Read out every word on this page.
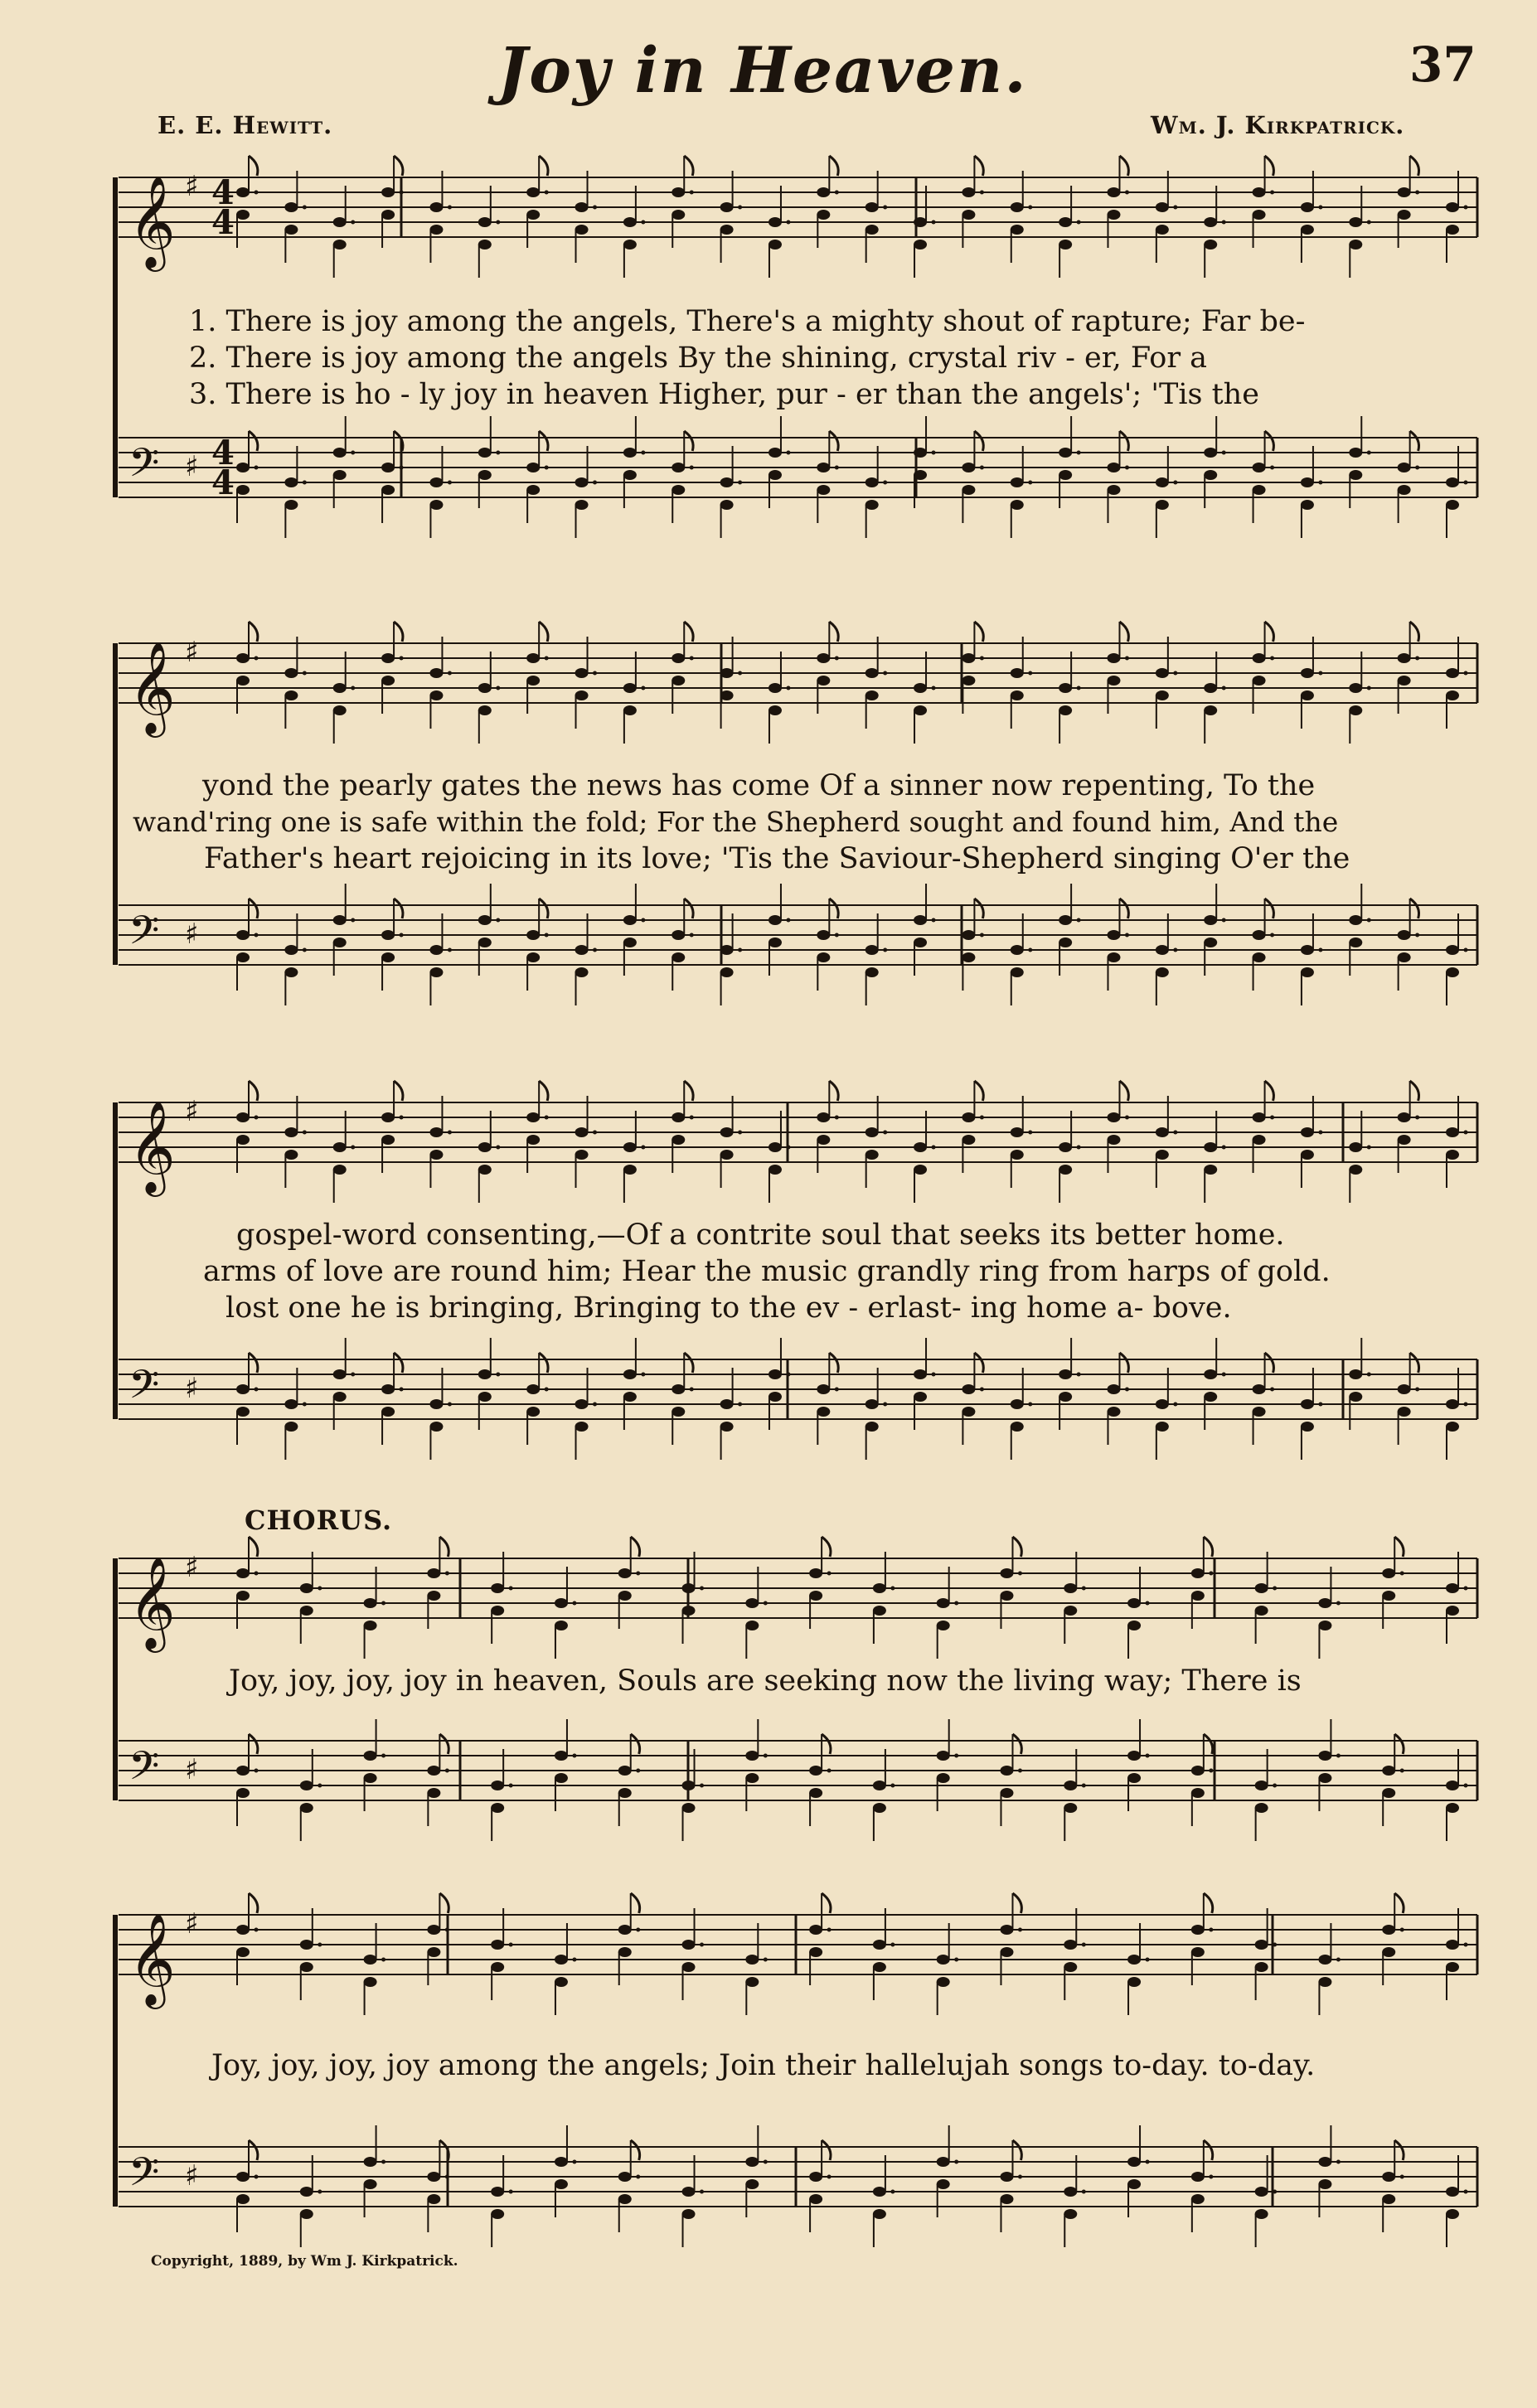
Joy in Heaven.	37
E. E. Hewitt.	Wm. J. Kirkpatrick.
𝄞 ♯
𝄢 ♯
4
4
4
4
𝄞 ♯
𝄢 ♯
𝄞 ♯
𝄢 ♯
𝄞 ♯
𝄢 ♯
𝄞 ♯
𝄢 ♯
1. There is joy among the angels, There's a mighty shout of rapture; Far be-
2. There is joy among the angels By the shining, crystal riv - er, For a
3. There is ho - ly joy in heaven Higher, pur - er than the angels'; 'Tis the
yond the pearly gates the news has come Of a sinner now repenting, To the
wand'ring one is safe within the fold; For the Shepherd sought and found him, And the
Father's heart rejoicing in its love; 'Tis the Saviour-Shepherd singing O'er the
gospel-word consenting,—Of a contrite soul that seeks its better home.
arms of love are round him; Hear the music grandly ring from harps of gold.
lost one he is bringing, Bringing to the ev - erlast- ing home a- bove.
CHORUS.
Joy, joy, joy, joy in heaven, Souls are seeking now the living way; There is
Joy, joy, joy, joy among the angels; Join their hallelujah songs to-day. to-day.
Copyright, 1889, by Wm J. Kirkpatrick.
